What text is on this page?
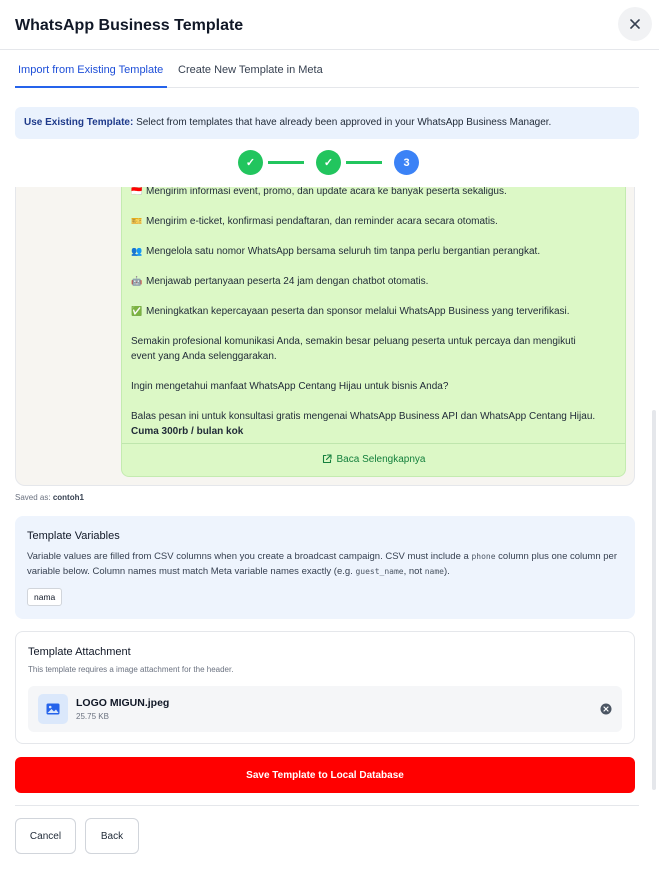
WhatsApp Business Template
Import from Existing Template Create New Template in Meta
Use Existing Template: Select from templates that have already been approved in your WhatsApp Business Manager.
✓	✓	3
🇮🇩 Mengirim informasi event, promo, dan update acara ke banyak peserta sekaligus.
🎫 Mengirim e-ticket, konfirmasi pendaftaran, dan reminder acara secara otomatis.
👥 Mengelola satu nomor WhatsApp bersama seluruh tim tanpa perlu bergantian perangkat.
🤖 Menjawab pertanyaan peserta 24 jam dengan chatbot otomatis.
✅ Meningkatkan kepercayaan peserta dan sponsor melalui WhatsApp Business yang terverifikasi.
Semakin profesional komunikasi Anda, semakin besar peluang peserta untuk percaya dan mengikuti
event yang Anda selenggarakan.
Ingin mengetahui manfaat WhatsApp Centang Hijau untuk bisnis Anda?
Balas pesan ini untuk konsultasi gratis mengenai WhatsApp Business API dan WhatsApp Centang Hijau.
Cuma 300rb / bulan kok
Baca Selengkapnya
Saved as: contoh1
Template Variables
Variable values are filled from CSV columns when you create a broadcast campaign. CSV must include a phone column plus one column per variable below. Column names must match Meta variable names exactly (e.g. guest_name, not name).
nama
Template Attachment
This template requires a image attachment for the header.
LOGO MIGUN.jpeg
25.75 KB
Save Template to Local Database
Cancel	Back
